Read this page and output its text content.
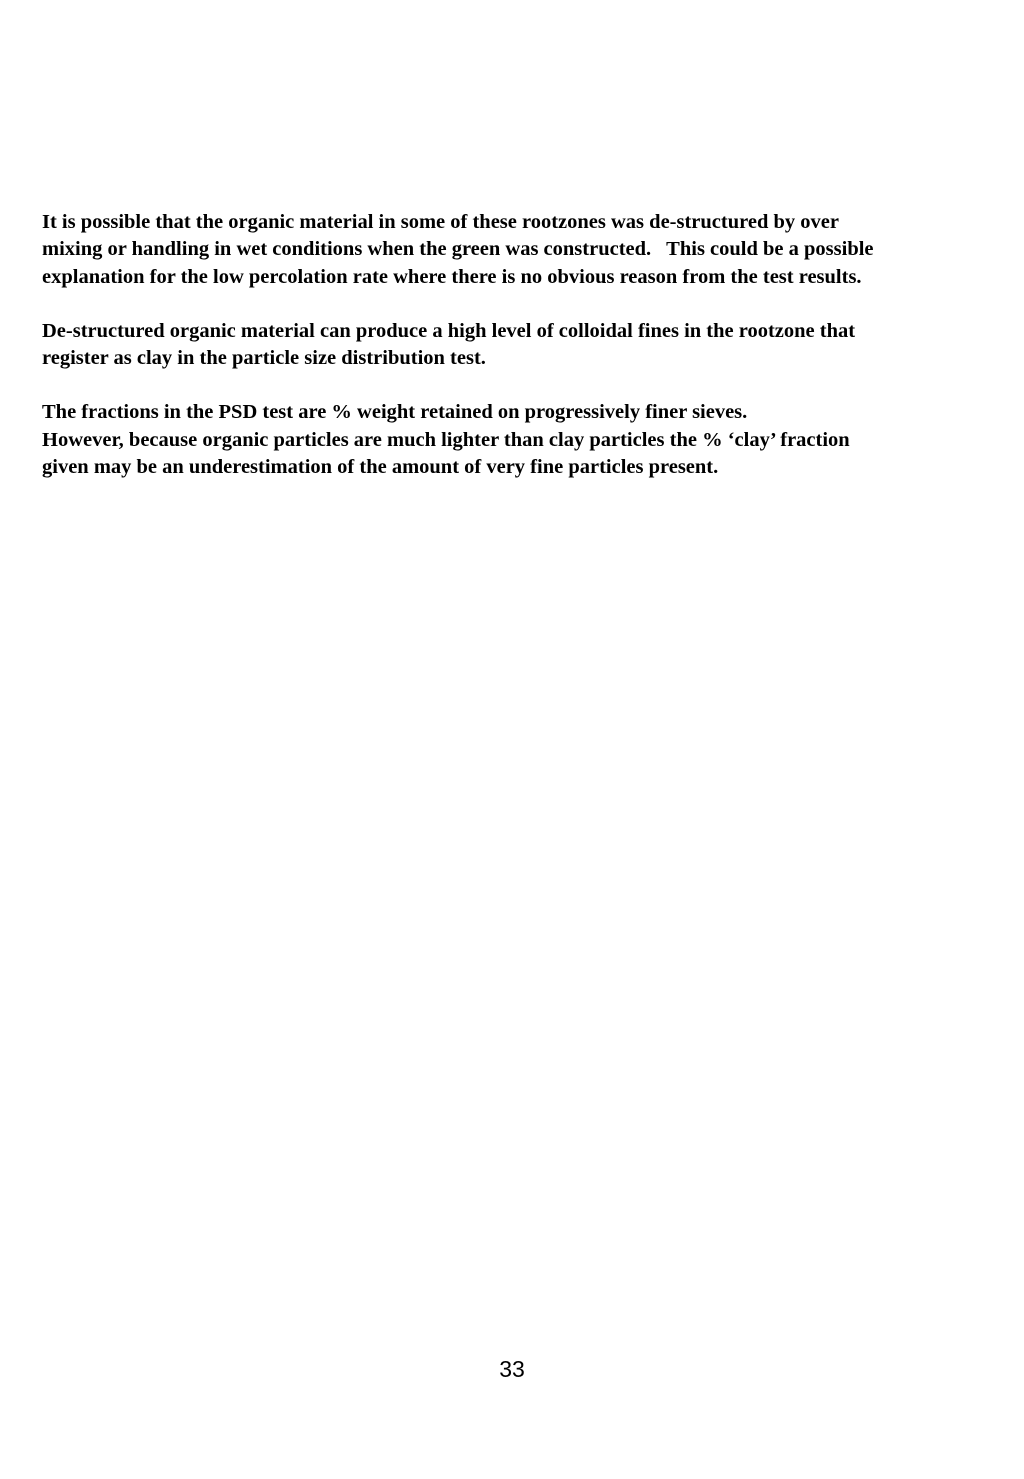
It is possible that the organic material in some of these rootzones was de-structured by over
mixing or handling in wet conditions when the green was constructed.   This could be a possible
explanation for the low percolation rate where there is no obvious reason from the test results.

De-structured organic material can produce a high level of colloidal fines in the rootzone that
register as clay in the particle size distribution test.

The fractions in the PSD test are % weight retained on progressively finer sieves.
However, because organic particles are much lighter than clay particles the % ‘clay’ fraction
given may be an underestimation of the amount of very fine particles present.

33
